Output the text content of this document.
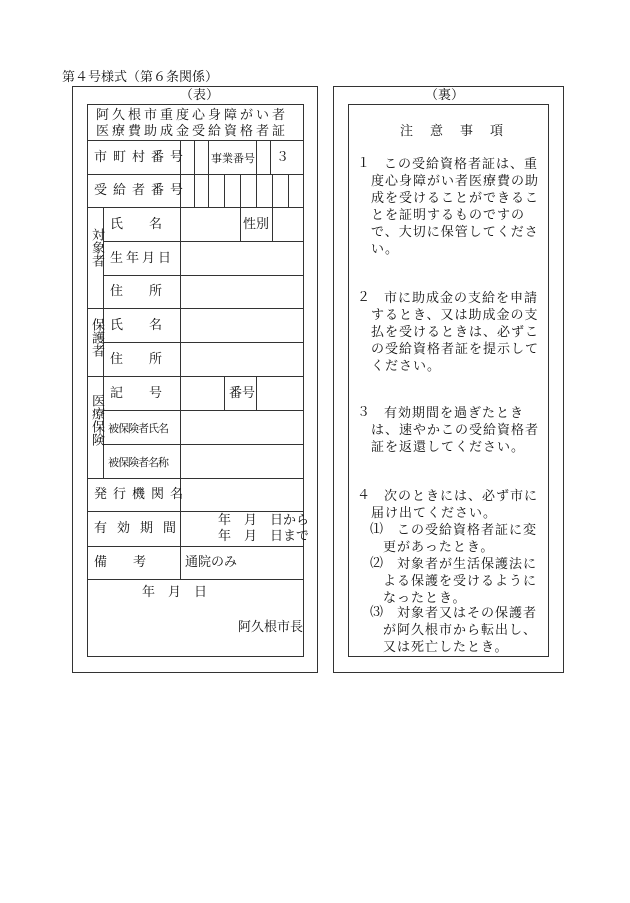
第４号様式（第６条関係）
（表）
阿久根市重度心身障がい者
医療費助成金受給資格者証
市町村番号 事業番号 ３
受給者番号
対象者
氏　　名	性別
生年月日
住　　所
保護者 氏　　名
住　　所
医療保険
記　　号	番号
被保険者氏名
被保険者名称
発行機関名
有効期間
年　月　日から
年　月　日まで
備　　考	通院のみ
年　月　日
阿久根市長
（裏）
注　意　事　項
１	この受給資格者証は、重度心身障がい者医療費の助成を受けることができることを証明するものですので、大切に保管してください。
２	市に助成金の支給を申請するとき、又は助成金の支払を受けるときは、必ずこの受給資格者証を提示してください。
３	有効期間を過ぎたときは、速やかこの受給資格者証を返還してください。
４	次のときには、必ず市に届け出てください。
⑴	この受給資格者証に変更があったとき。
⑵	対象者が生活保護法による保護を受けるようになったとき。
⑶	対象者又はその保護者が阿久根市から転出し、又は死亡したとき。
